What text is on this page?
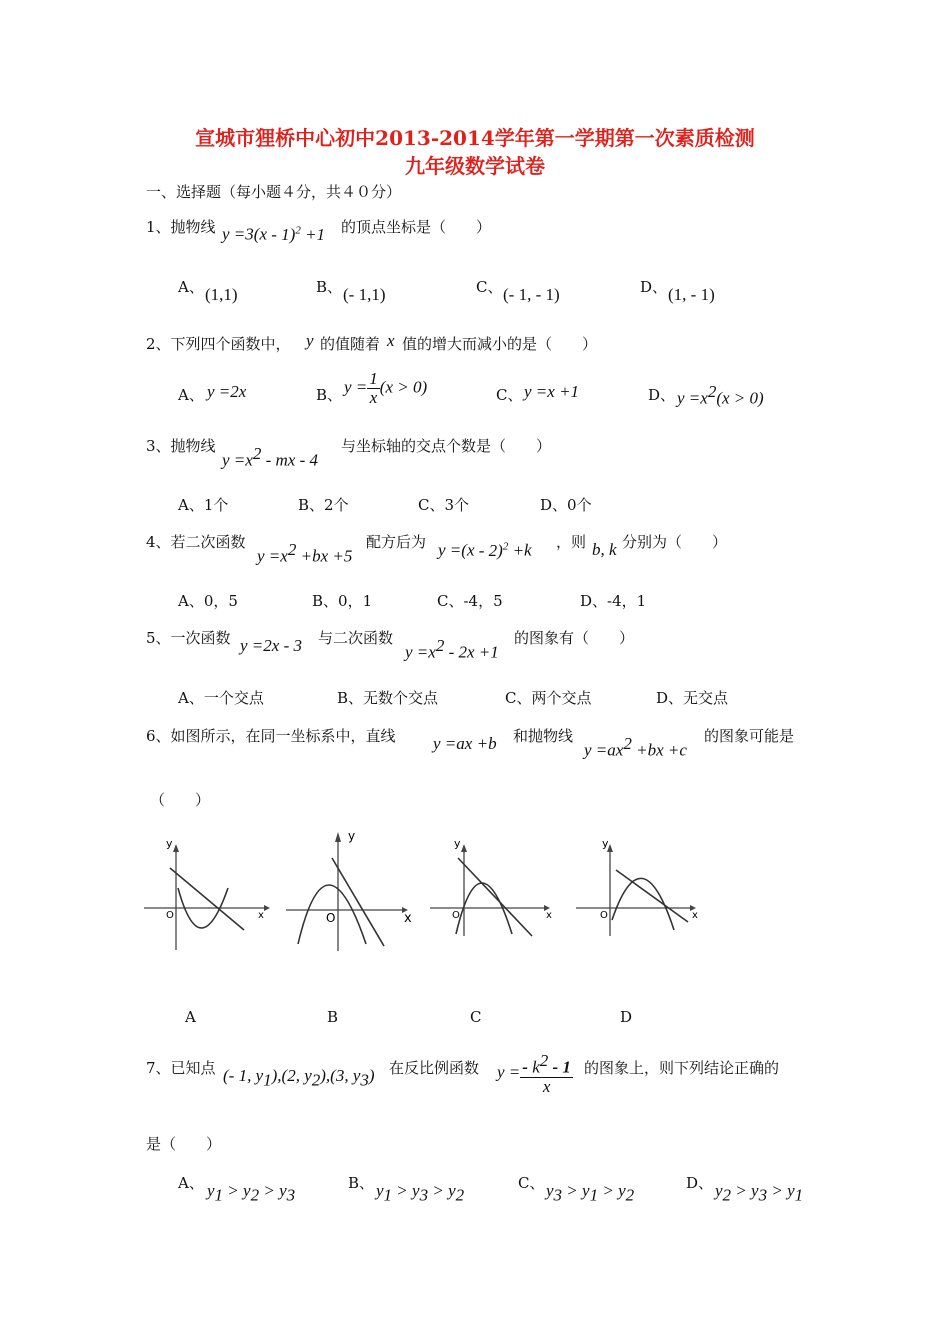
宣城市狸桥中心初中2013-2014学年第一学期第一次素质检测
九年级数学试卷
一、选择题（每小题４分，共４０分）
1、抛物线 y =3(x - 1)$^2$ +1 的顶点坐标是（　　）
A、 (1,1)	B、 (- 1,1)	C、 (- 1, - 1)	D、 (1, - 1)
2、下列四个函数中， y 的值随着 x 值的增大而减小的是（　　）
A、 y =2x	B、 $y = \frac{1}{x} (x > 0)$	C、 y =x +1	D、 $y =x^2(x > 0)$
3、抛物线
$y =x^2$ - mx - 4
与坐标轴的交点个数是（　　）
A、1个	B、2个	C、3个	D、0个
4、若二次函数
$y =x^2 +bx +5$
配方后为 y =(x - 2)$^2$ +k ，则 b, k 分别为（　　）
A、0，5	B、0，1	C、-4，5	D、-4，1
5、一次函数 y =2x - 3 与二次函数
$y =x^2 - 2x +1$
的图象有（　　）
A、一个交点	B、无数个交点	C、两个交点	D、无交点
6、如图所示，在同一坐标系中，直线 y =ax +b 和抛物线
$y =ax^2 +bx +c$
的图象可能是
（　　）
y
x
O
y
x
O
y
x
O
y
x
O
A	B	C	D
7、已知点 (- 1, $y_1),(2$, $y_2),(3$, $y_3$) 在反比例函数 $y = \frac{- k^2 - 1}{x}$ 的图象上，则下列结论正确的
是（　　）
A、 $y_1 > y_2 > y_3$
B、 $y_1 > y_3 > y_2$
C、 $y_3 > y_1 > y_2$
D、 $y_2 > y_3 > y_1$
